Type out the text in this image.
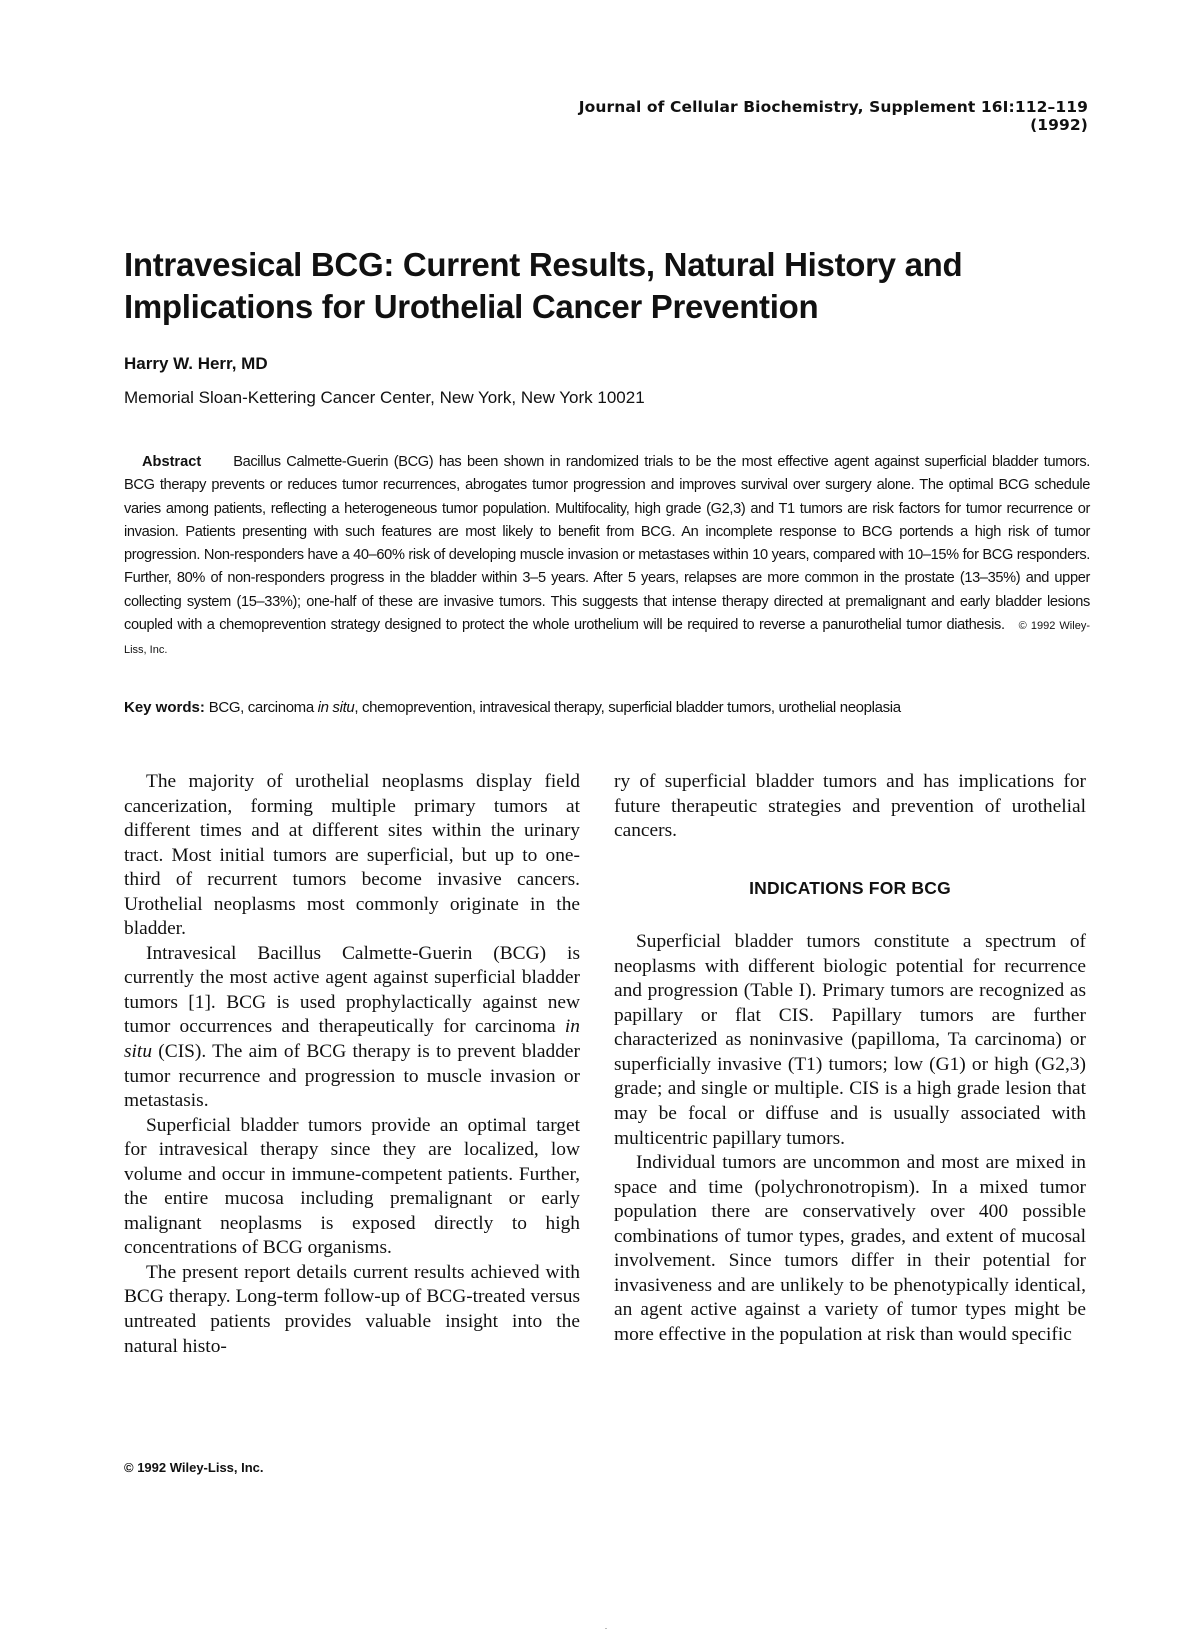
Journal of Cellular Biochemistry, Supplement 16I:112–119 (1992)
Intravesical BCG: Current Results, Natural History and Implications for Urothelial Cancer Prevention
Harry W. Herr, MD
Memorial Sloan-Kettering Cancer Center, New York, New York 10021

Abstract Bacillus Calmette-Guerin (BCG) has been shown in randomized trials to be the most effective agent against superficial bladder tumors. BCG therapy prevents or reduces tumor recurrences, abrogates tumor progression and improves survival over surgery alone. The optimal BCG schedule varies among patients, reflecting a heterogeneous tumor population. Multifocality, high grade (G2,3) and T1 tumors are risk factors for tumor recurrence or invasion. Patients presenting with such features are most likely to benefit from BCG. An incomplete response to BCG portends a high risk of tumor progression. Non-responders have a 40–60% risk of developing muscle invasion or metastases within 10 years, compared with 10–15% for BCG responders. Further, 80% of non-responders progress in the bladder within 3–5 years. After 5 years, relapses are more common in the prostate (13–35%) and upper collecting system (15–33%); one-half of these are invasive tumors. This suggests that intense therapy directed at premalignant and early bladder lesions coupled with a chemoprevention strategy designed to protect the whole urothelium will be required to reverse a panurothelial tumor diathesis. © 1992 Wiley-Liss, Inc.

Key words: BCG, carcinoma in situ, chemoprevention, intravesical therapy, superficial bladder tumors, urothelial neoplasia

The majority of urothelial neoplasms display field cancerization, forming multiple primary tumors at different times and at different sites within the urinary tract. Most initial tumors are superficial, but up to one-third of recurrent tumors become invasive cancers. Urothelial neoplasms most commonly originate in the bladder.

Intravesical Bacillus Calmette-Guerin (BCG) is currently the most active agent against superficial bladder tumors [1]. BCG is used prophylactically against new tumor occurrences and therapeutically for carcinoma in situ (CIS). The aim of BCG therapy is to prevent bladder tumor recurrence and progression to muscle invasion or metastasis.

Superficial bladder tumors provide an optimal target for intravesical therapy since they are localized, low volume and occur in immune-competent patients. Further, the entire mucosa including premalignant or early malignant neoplasms is exposed directly to high concentrations of BCG organisms.

The present report details current results achieved with BCG therapy. Long-term follow-up of BCG-treated versus untreated patients provides valuable insight into the natural histo-

ry of superficial bladder tumors and has implications for future therapeutic strategies and prevention of urothelial cancers.

INDICATIONS FOR BCG

Superficial bladder tumors constitute a spectrum of neoplasms with different biologic potential for recurrence and progression (Table I). Primary tumors are recognized as papillary or flat CIS. Papillary tumors are further characterized as noninvasive (papilloma, Ta carcinoma) or superficially invasive (T1) tumors; low (G1) or high (G2,3) grade; and single or multiple. CIS is a high grade lesion that may be focal or diffuse and is usually associated with multicentric papillary tumors.

Individual tumors are uncommon and most are mixed in space and time (polychronotropism). In a mixed tumor population there are conservatively over 400 possible combinations of tumor types, grades, and extent of mucosal involvement. Since tumors differ in their potential for invasiveness and are unlikely to be phenotypically identical, an agent active against a variety of tumor types might be more effective in the population at risk than would specific

© 1992 Wiley-Liss, Inc.
